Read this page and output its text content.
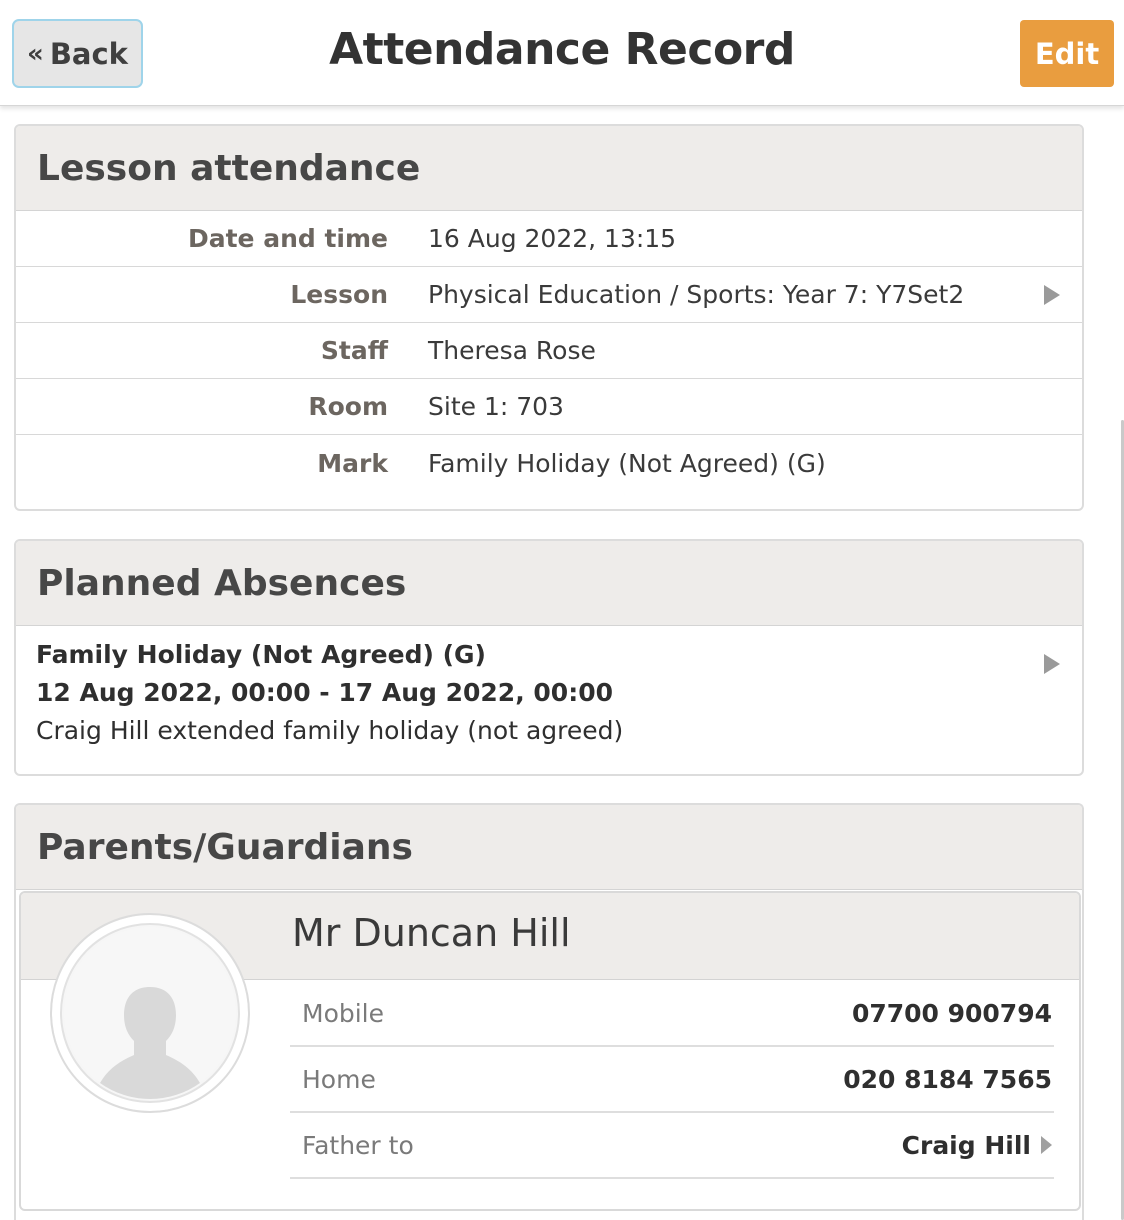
« Back	Attendance Record	Edit
Lesson attendance
Date and time 16 Aug 2022, 13:15
Lesson Physical Education / Sports: Year 7: Y7Set2
Staff Theresa Rose
Room Site 1: 703
Mark Family Holiday (Not Agreed) (G)
Planned Absences
Family Holiday (Not Agreed) (G)
12 Aug 2022, 00:00 - 17 Aug 2022, 00:00
Craig Hill extended family holiday (not agreed)
Parents/Guardians
Mr Duncan Hill
Mobile	07700 900794
Home	020 8184 7565
Father to	Craig Hill
